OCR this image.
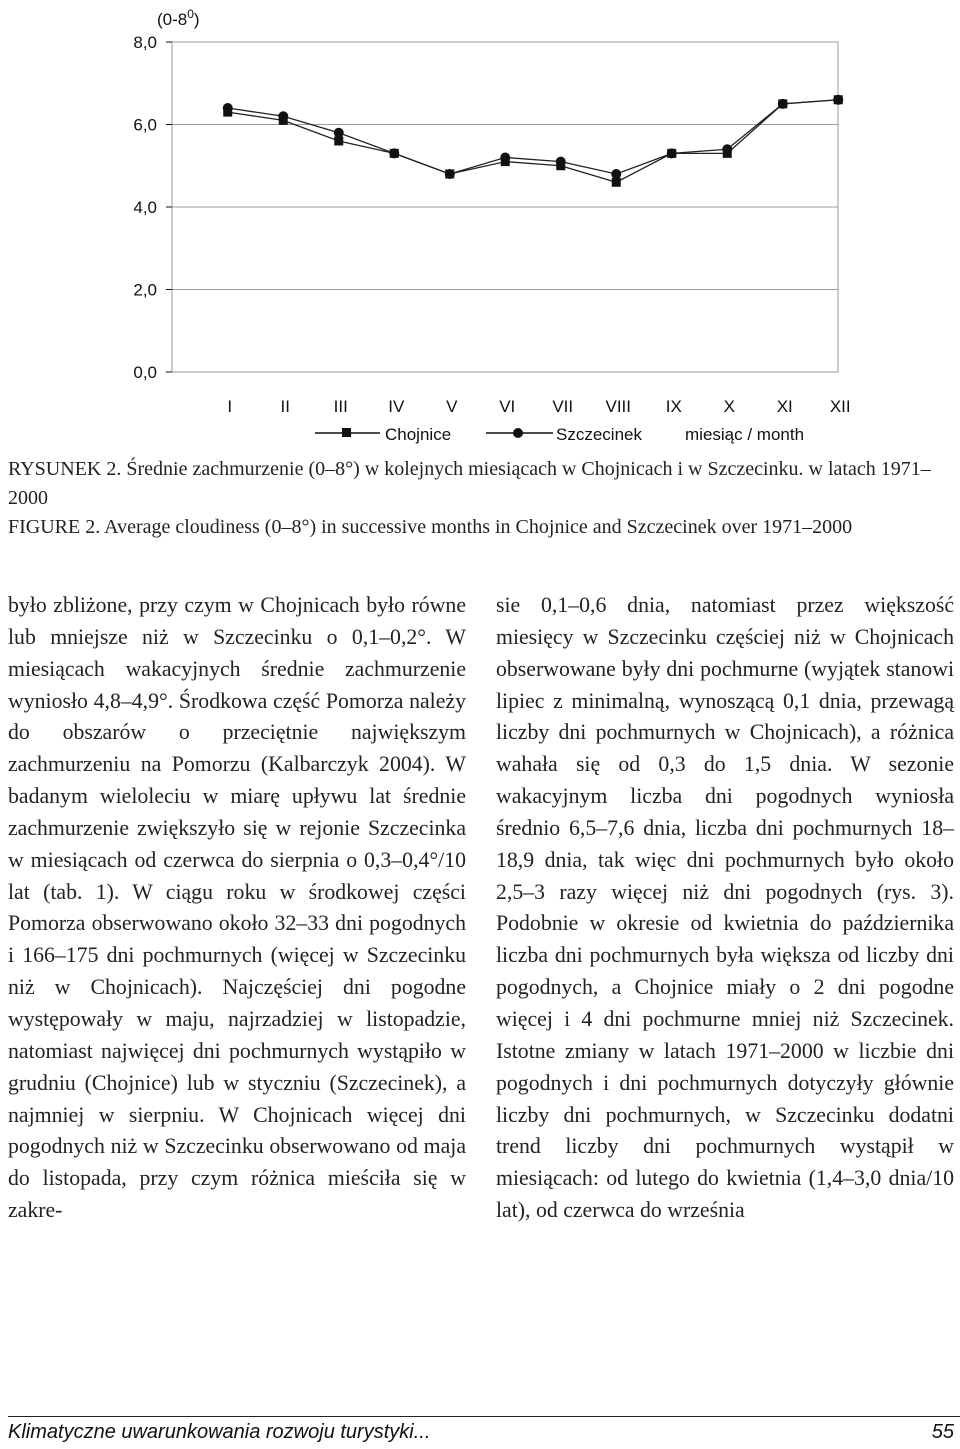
$(0-8^0)$
0,0
2,0
4,0
6,0
8,0
I	II	III IV V VI VII VIII IX X XI XII
Chojnice	Szczecinek	miesiąc / month
RYSUNEK 2. Średnie zachmurzenie (0–8°) w kolejnych miesiącach w Chojnicach i w Szczecinku. w latach 1971–2000
FIGURE 2. Average cloudiness (0–8°) in successive months in Chojnice and Szczecinek over 1971–2000
było zbliżone, przy czym w Chojnicach było równe lub mniejsze niż w Szczecinku o 0,1–0,2°. W miesiącach wakacyjnych średnie zachmurzenie wyniosło 4,8–4,9°. Środkowa część Pomorza należy do obszarów o przeciętnie największym zachmurzeniu na Pomorzu (Kalbarczyk 2004). W badanym wieloleciu w miarę upływu lat średnie zachmurzenie zwiększyło się w rejonie Szczecinka w miesiącach od czerwca do sierpnia o 0,3–0,4°/10 lat (tab. 1). W ciągu roku w środkowej części Pomorza obserwowano około 32–33 dni pogodnych i 166–175 dni pochmurnych (więcej w Szczecinku niż w Chojnicach). Najczęściej dni pogodne występowały w maju, najrzadziej w listopadzie, natomiast najwięcej dni pochmurnych wystąpiło w grudniu (Chojnice) lub w styczniu (Szczecinek), a najmniej w sierpniu. W Chojnicach więcej dni pogodnych niż w Szczecinku obserwowano od maja do listopada, przy czym różnica mieściła się w zakre-
sie 0,1–0,6 dnia, natomiast przez większość miesięcy w Szczecinku częściej niż w Chojnicach obserwowane były dni pochmurne (wyjątek stanowi lipiec z minimalną, wynoszącą 0,1 dnia, przewagą liczby dni pochmurnych w Chojnicach), a różnica wahała się od 0,3 do 1,5 dnia. W sezonie wakacyjnym liczba dni pogodnych wyniosła średnio 6,5–7,6 dnia, liczba dni pochmurnych 18–18,9 dnia, tak więc dni pochmurnych było około 2,5–3 razy więcej niż dni pogodnych (rys. 3). Podobnie w okresie od kwietnia do października liczba dni pochmurnych była większa od liczby dni pogodnych, a Chojnice miały o 2 dni pogodne więcej i 4 dni pochmurne mniej niż Szczecinek. Istotne zmiany w latach 1971–2000 w liczbie dni pogodnych i dni pochmurnych dotyczyły głównie liczby dni pochmurnych, w Szczecinku dodatni trend liczby dni pochmurnych wystąpił w miesiącach: od lutego do kwietnia (1,4–3,0 dnia/10 lat), od czerwca do września
Klimatyczne uwarunkowania rozwoju turystyki...	55
